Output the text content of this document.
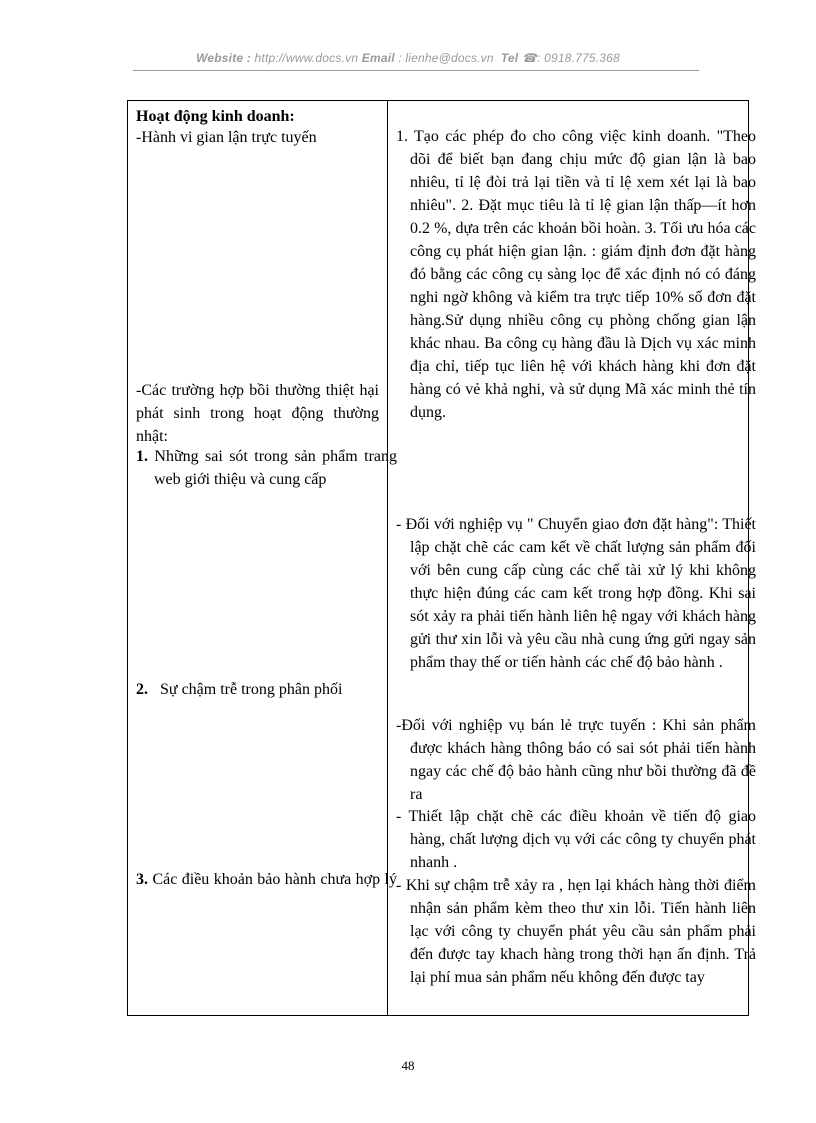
Website : http://www.docs.vn Email : lienhe@docs.vn Tel ☎: 0918.775.368
Hoạt động kinh doanh:
-Hành vi gian lận trực tuyến
-Các trường hợp bồi thường thiệt hại phát sinh trong hoạt động thường nhật:
1. Những sai sót trong sản phẩm trang web giới thiệu và cung cấp
2. Sự chậm trễ trong phân phối
3. Các điều khoản bảo hành chưa hợp lý
1. Tạo các phép đo cho công việc kinh doanh. "Theo dõi để biết bạn đang chịu mức độ gian lận là bao nhiêu, tỉ lệ đòi trả lại tiền và tỉ lệ xem xét lại là bao nhiêu". 2. Đặt mục tiêu là tỉ lệ gian lận thấp—ít hơn 0.2 %, dựa trên các khoản bồi hoàn. 3. Tối ưu hóa các công cụ phát hiện gian lận. : giám định đơn đặt hàng đó bằng các công cụ sàng lọc để xác định nó có đáng nghi ngờ không và kiểm tra trực tiếp 10% số đơn đặt hàng.Sử dụng nhiều công cụ phòng chống gian lận khác nhau. Ba công cụ hàng đầu là Dịch vụ xác minh địa chỉ, tiếp tục liên hệ với khách hàng khi đơn đặt hàng có vẻ khả nghi, và sử dụng Mã xác minh thẻ tín dụng.
- Đối với nghiệp vụ " Chuyển giao đơn đặt hàng": Thiết lập chặt chẽ các cam kết về chất lượng sản phẩm đối với bên cung cấp cùng các chế tài xử lý khi không thực hiện đúng các cam kết trong hợp đồng. Khi sai sót xảy ra phải tiến hành liên hệ ngay với khách hàng gửi thư xin lỗi và yêu cầu nhà cung ứng gửi ngay sản phẩm thay thế or tiến hành các chế độ bảo hành .
-Đối với nghiệp vụ bán lẻ trực tuyến : Khi sản phẩm được khách hàng thông báo có sai sót phải tiến hành ngay các chế độ bảo hành cũng như bồi thường đã đề ra
- Thiết lập chặt chẽ các điều khoản về tiến độ giao hàng, chất lượng dịch vụ với các công ty chuyển phát nhanh .
- Khi sự chậm trễ xảy ra , hẹn lại khách hàng thời điểm nhận sản phẩm kèm theo thư xin lỗi. Tiến hành liên lạc với công ty chuyển phát yêu cầu sản phẩm phải đến được tay khach hàng trong thời hạn ấn định. Trả lại phí mua sản phẩm nếu không đến được tay
48
